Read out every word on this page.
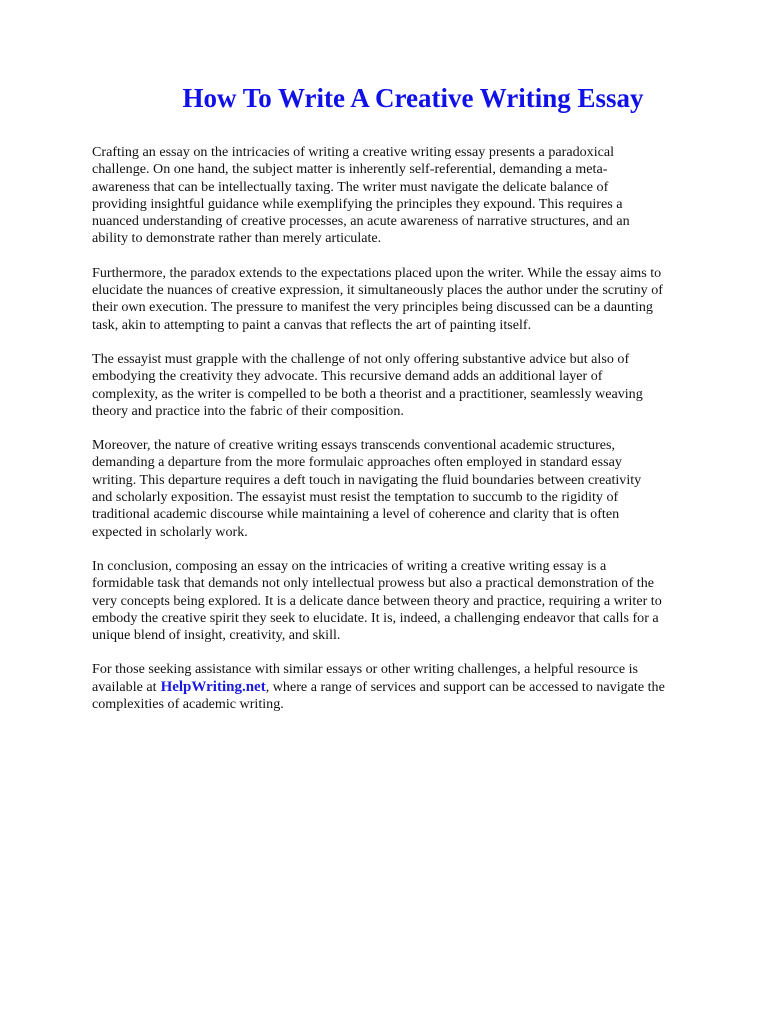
How To Write A Creative Writing Essay

Crafting an essay on the intricacies of writing a creative writing essay presents a paradoxical
challenge. On one hand, the subject matter is inherently self-referential, demanding a meta-
awareness that can be intellectually taxing. The writer must navigate the delicate balance of
providing insightful guidance while exemplifying the principles they expound. This requires a
nuanced understanding of creative processes, an acute awareness of narrative structures, and an
ability to demonstrate rather than merely articulate.

Furthermore, the paradox extends to the expectations placed upon the writer. While the essay aims to
elucidate the nuances of creative expression, it simultaneously places the author under the scrutiny of
their own execution. The pressure to manifest the very principles being discussed can be a daunting
task, akin to attempting to paint a canvas that reflects the art of painting itself.

The essayist must grapple with the challenge of not only offering substantive advice but also of
embodying the creativity they advocate. This recursive demand adds an additional layer of
complexity, as the writer is compelled to be both a theorist and a practitioner, seamlessly weaving
theory and practice into the fabric of their composition.

Moreover, the nature of creative writing essays transcends conventional academic structures,
demanding a departure from the more formulaic approaches often employed in standard essay
writing. This departure requires a deft touch in navigating the fluid boundaries between creativity
and scholarly exposition. The essayist must resist the temptation to succumb to the rigidity of
traditional academic discourse while maintaining a level of coherence and clarity that is often
expected in scholarly work.

In conclusion, composing an essay on the intricacies of writing a creative writing essay is a
formidable task that demands not only intellectual prowess but also a practical demonstration of the
very concepts being explored. It is a delicate dance between theory and practice, requiring a writer to
embody the creative spirit they seek to elucidate. It is, indeed, a challenging endeavor that calls for a
unique blend of insight, creativity, and skill.

For those seeking assistance with similar essays or other writing challenges, a helpful resource is
available at HelpWriting.net, where a range of services and support can be accessed to navigate the
complexities of academic writing.
